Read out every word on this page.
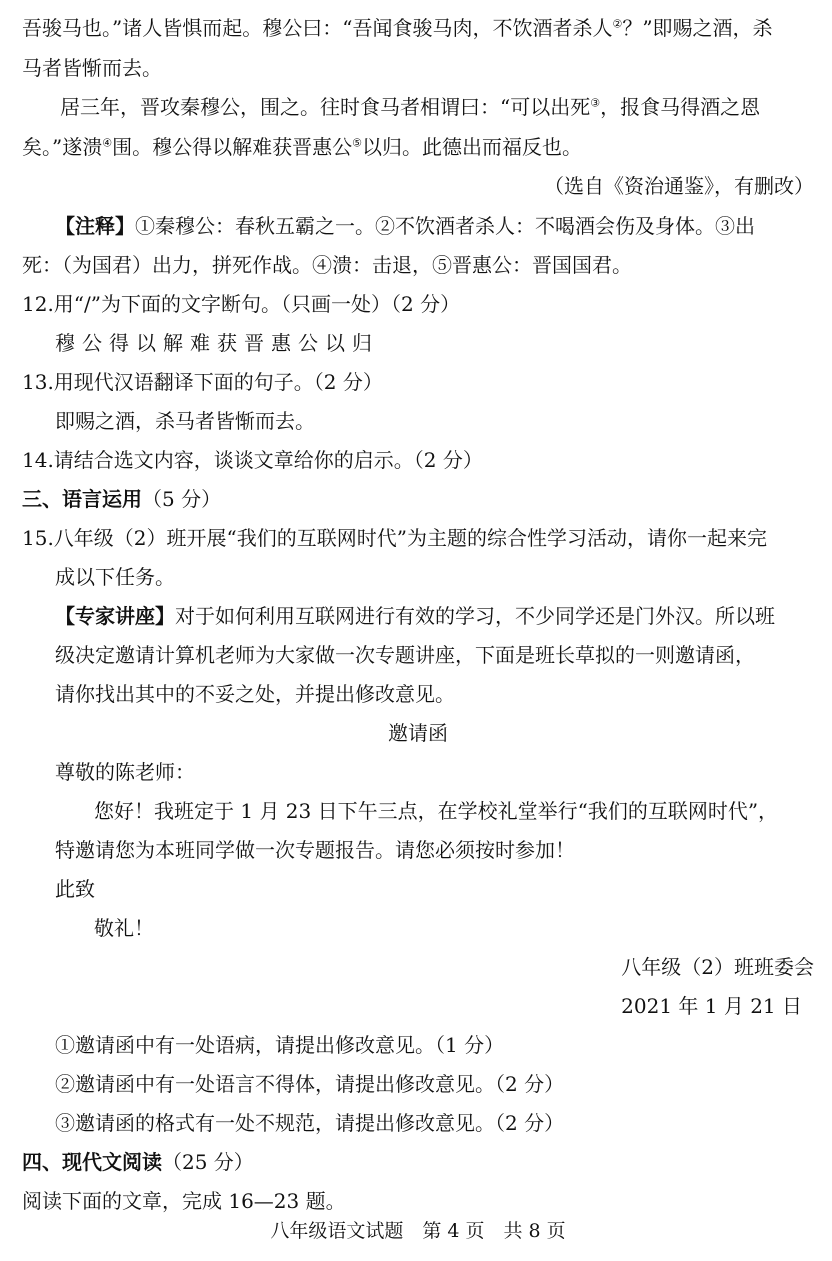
吾骏马也。”诸人皆惧而起。穆公曰：“吾闻食骏马肉，不饮酒者杀人②？”即赐之酒，杀
马者皆惭而去。
居三年，晋攻秦穆公，围之。往时食马者相谓曰：“可以出死③，报食马得酒之恩
矣。”遂溃④围。穆公得以解难获晋惠公⑤以归。此德出而福反也。
（选自《资治通鉴》，有删改）
【注释】①秦穆公：春秋五霸之一。②不饮酒者杀人：不喝酒会伤及身体。③出
死：（为国君）出力，拼死作战。④溃：击退，⑤晋惠公：晋国国君。
12.用“/”为下面的文字断句。（只画一处）（2 分）
穆公得以解难获晋惠公以归
13.用现代汉语翻译下面的句子。（2 分）
即赐之酒，杀马者皆惭而去。
14.请结合选文内容，谈谈文章给你的启示。（2 分）
三、语言运用（5 分）
15.八年级（2）班开展“我们的互联网时代”为主题的综合性学习活动，请你一起来完
成以下任务。
【专家讲座】对于如何利用互联网进行有效的学习，不少同学还是门外汉。所以班
级决定邀请计算机老师为大家做一次专题讲座，下面是班长草拟的一则邀请函，
请你找出其中的不妥之处，并提出修改意见。
邀请函
尊敬的陈老师：
您好！我班定于 1 月 23 日下午三点，在学校礼堂举行“我们的互联网时代”，
特邀请您为本班同学做一次专题报告。请您必须按时参加！
此致
敬礼！
八年级（2）班班委会
2021 年 1 月 21 日
①邀请函中有一处语病，请提出修改意见。（1 分）
②邀请函中有一处语言不得体，请提出修改意见。（2 分）
③邀请函的格式有一处不规范，请提出修改意见。（2 分）
四、现代文阅读（25 分）
阅读下面的文章，完成 16—23 题。
八年级语文试题　第 4 页　共 8 页
